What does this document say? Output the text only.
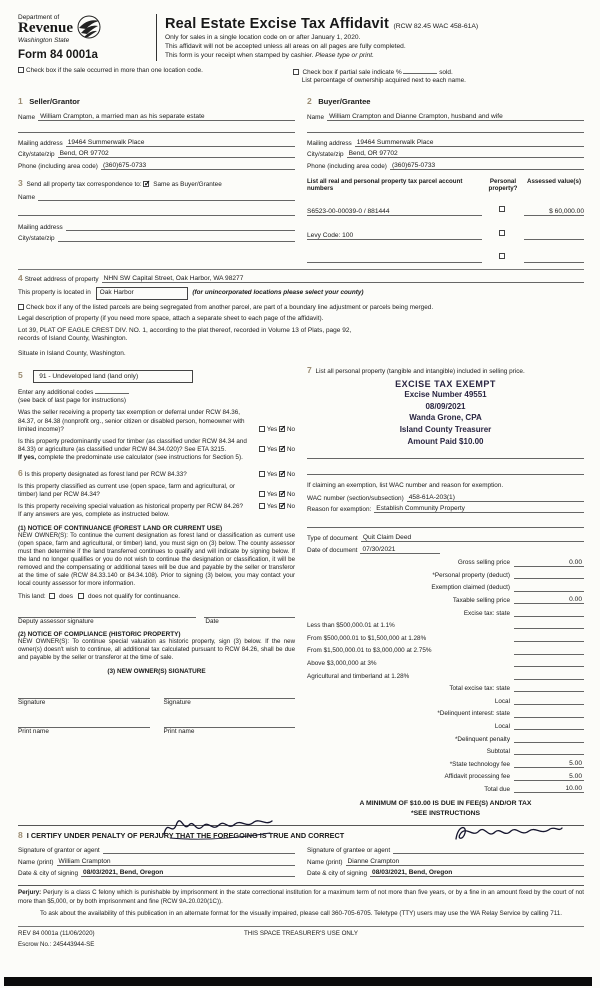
Department of
Revenue
Washington State
Form 84 0001a
Real Estate Excise Tax Affidavit (RCW 82.45 WAC 458-61A)
Only for sales in a single location code on or after January 1, 2020.
This affidavit will not be accepted unless all areas on all pages are fully completed.
This form is your receipt when stamped by cashier. Please type or print.
Check box if the sale occurred in more than one location code.	Check box if partial sale indicate %	sold.
List percentage of ownership acquired next to each name.
1 Seller/Grantor
Name William Crampton, a married man as his separate estate
Mailing address 19464 Summerwalk Place
City/state/zip Bend, OR 97702
Phone (including area code) (360)675-0733
2 Buyer/Grantee
Name William Crampton and Dianne Crampton, husband and wife
Mailing address 19464 Summerwalk Place
City/state/zip Bend, OR 97702
Phone (including area code) (360)675-0733
3 Send all property tax correspondence to: ✓ Same as Buyer/Grantee
Name
Mailing address
City/state/zip
List all real and personal property tax parcel account numbers
Personal property?
Assessed value(s)
S6523-00-00039-0 / 881444	$ 60,000.00
Levy Code: 100
4 Street address of property NHN SW Capital Street, Oak Harbor, WA 98277
This property is located in Oak Harbor	(for unincorporated locations please select your county)
Check box if any of the listed parcels are being segregated from another parcel, are part of a boundary line adjustment or parcels being merged.
Legal description of property (if you need more space, attach a separate sheet to each page of the affidavit).
Lot 39, PLAT OF EAGLE CREST DIV. NO. 1, according to the plat thereof, recorded in Volume 13 of Plats, page 92, records of Island County, Washington.
Situate in Island County, Washington.
5 91 - Undeveloped land (land only)
Enter any additional codes
(see back of last page for instructions)
Was the seller receiving a property tax exemption or deferral under RCW 84.36, 84.37, or 84.38 (nonprofit org., senior citizen or disabled person, homeowner with limited income)?	Yes ✓ No
Is this property predominantly used for timber (as classified under RCW 84.34 and 84.33) or agriculture (as classified under RCW 84.34.020)? See ETA 3215.	Yes ✓ No
If yes, complete the predominate use calculator (see instructions for Section 5).
6 Is this property designated as forest land per RCW 84.33?	Yes ✓ No
Is this property classified as current use (open space, farm and agricultural, or timber) land per RCW 84.34?	Yes ✓ No
Is this property receiving special valuation as historical property per RCW 84.26?	Yes ✓ No
If any answers are yes, complete as instructed below.
(1) NOTICE OF CONTINUANCE (FOREST LAND OR CURRENT USE)
NEW OWNER(S): To continue the current designation as forest land or classification as current use (open space, farm and agricultural, or timber) land, you must sign on (3) below. The county assessor must then determine if the land transferred continues to qualify and will indicate by signing below. If the land no longer qualifies or you do not wish to continue the designation or classification, it will be removed and the compensating or additional taxes will be due and payable by the seller or transferor at the time of sale (RCW 84.33.140 or 84.34.108). Prior to signing (3) below, you may contact your local county assessor for more information.
This land: does does not qualify for continuance.
Deputy assessor signature	Date
(2) NOTICE OF COMPLIANCE (HISTORIC PROPERTY)
NEW OWNER(S): To continue special valuation as historic property, sign (3) below. If the new owner(s) doesn't wish to continue, all additional tax calculated pursuant to RCW 84.26, shall be due and payable by the seller or transferor at the time of sale.
(3) NEW OWNER(S) SIGNATURE
Signature	Signature
Print name	Print name
7 List all personal property (tangible and intangible) included in selling price.
EXCISE TAX EXEMPT
Excise Number 49551
08/09/2021
Wanda Grone, CPA
Island County Treasurer
Amount Paid $10.00
If claiming an exemption, list WAC number and reason for exemption.
WAC number (section/subsection) 458-61A-203(1)
Reason for exemption: Establish Community Property
Type of document Quit Claim Deed
Date of document 07/30/2021
Gross selling price	0.00
*Personal property (deduct)
Exemption claimed (deduct)
Taxable selling price	0.00
Excise tax: state
Less than $500,000.01 at 1.1%
From $500,000.01 to $1,500,000 at 1.28%
From $1,500,000.01 to $3,000,000 at 2.75%
Above $3,000,000 at 3%
Agricultural and timberland at 1.28%
Total excise tax: state
Local
*Delinquent interest: state
Local
*Delinquent penalty
Subtotal
*State technology fee	5.00
Affidavit processing fee	5.00
Total due	10.00
A MINIMUM OF $10.00 IS DUE IN FEE(S) AND/OR TAX
*SEE INSTRUCTIONS
8 I CERTIFY UNDER PENALTY OF PERJURY THAT THE FOREGOING IS TRUE AND CORRECT
Signature of grantor or agent
Name (print) William Crampton
Date & city of signing 08/03/2021, Bend, Oregon
Signature of grantee or agent
Name (print) Dianne Crampton
Date & city of signing 08/03/2021, Bend, Oregon
Perjury: Perjury is a class C felony which is punishable by imprisonment in the state correctional institution for a maximum term of not more than five years, or by a fine in an amount fixed by the court of not more than $5,000, or by both imprisonment and fine (RCW 9A.20.020(1C)).
To ask about the availability of this publication in an alternate format for the visually impaired, please call 360-705-6705. Teletype (TTY) users may use the WA Relay Service by calling 711.
REV 84 0001a (11/06/2020)	THIS SPACE TREASURER'S USE ONLY
Escrow No.: 245443944-SE
